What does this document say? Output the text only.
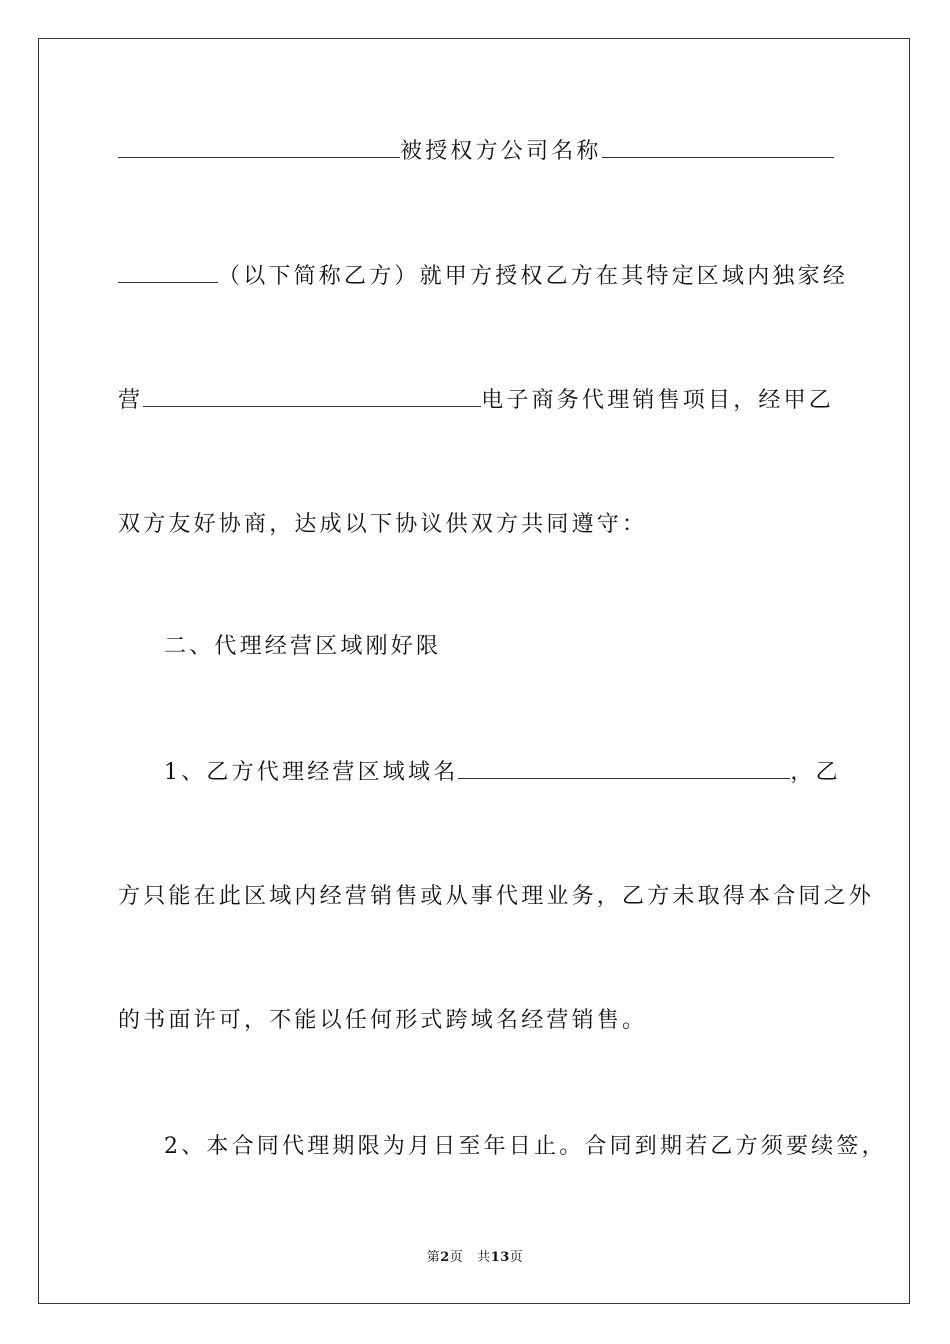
被授权方公司名称
（以下简称乙方）就甲方授权乙方在其特定区域内独家经
营	电子商务代理销售项目，经甲乙
双方友好协商，达成以下协议供双方共同遵守：
二、代理经营区域刚好限
1、乙方代理经营区域域名	，乙
方只能在此区域内经营销售或从事代理业务，乙方未取得本合同之外
的书面许可，不能以任何形式跨域名经营销售。
2、本合同代理期限为月日至年日止。合同到期若乙方须要续签，
第2页 共13页
